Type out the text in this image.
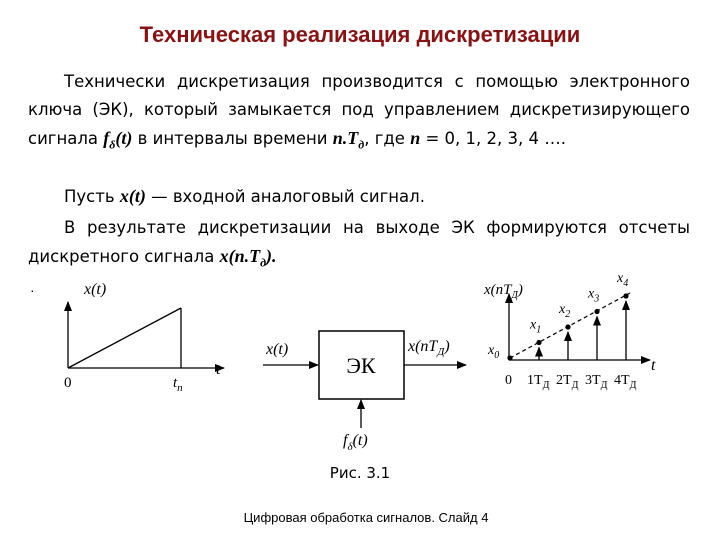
Техническая реализация дискретизации

Технически дискретизация производится с помощью электронного ключа (ЭК), который замыкается под управлением дискретизирующего сигнала $f_\delta(t)$ в интервалы времени $n.T_д$, где n = 0, 1, 2, 3, 4 ….

Пусть x(t) — входной аналоговый сигнал.

В результате дискретизации на выходе ЭК формируются отсчеты дискретного сигнала $x(n.T_д)$.

·	x(t)
t
0	$t_п$
ЭК
x(t)	$x(nT_Д)$
$f_\delta(t)$
$x(nT_Д)$
t
$x_0$
0
$x_1$
$1T_Д$
$x_2$
$2T_Д$
$x_3$
$3T_Д$
$x_4$
$4T_Д$
Рис. 3.1
Цифровая обработка сигналов. Слайд 4
